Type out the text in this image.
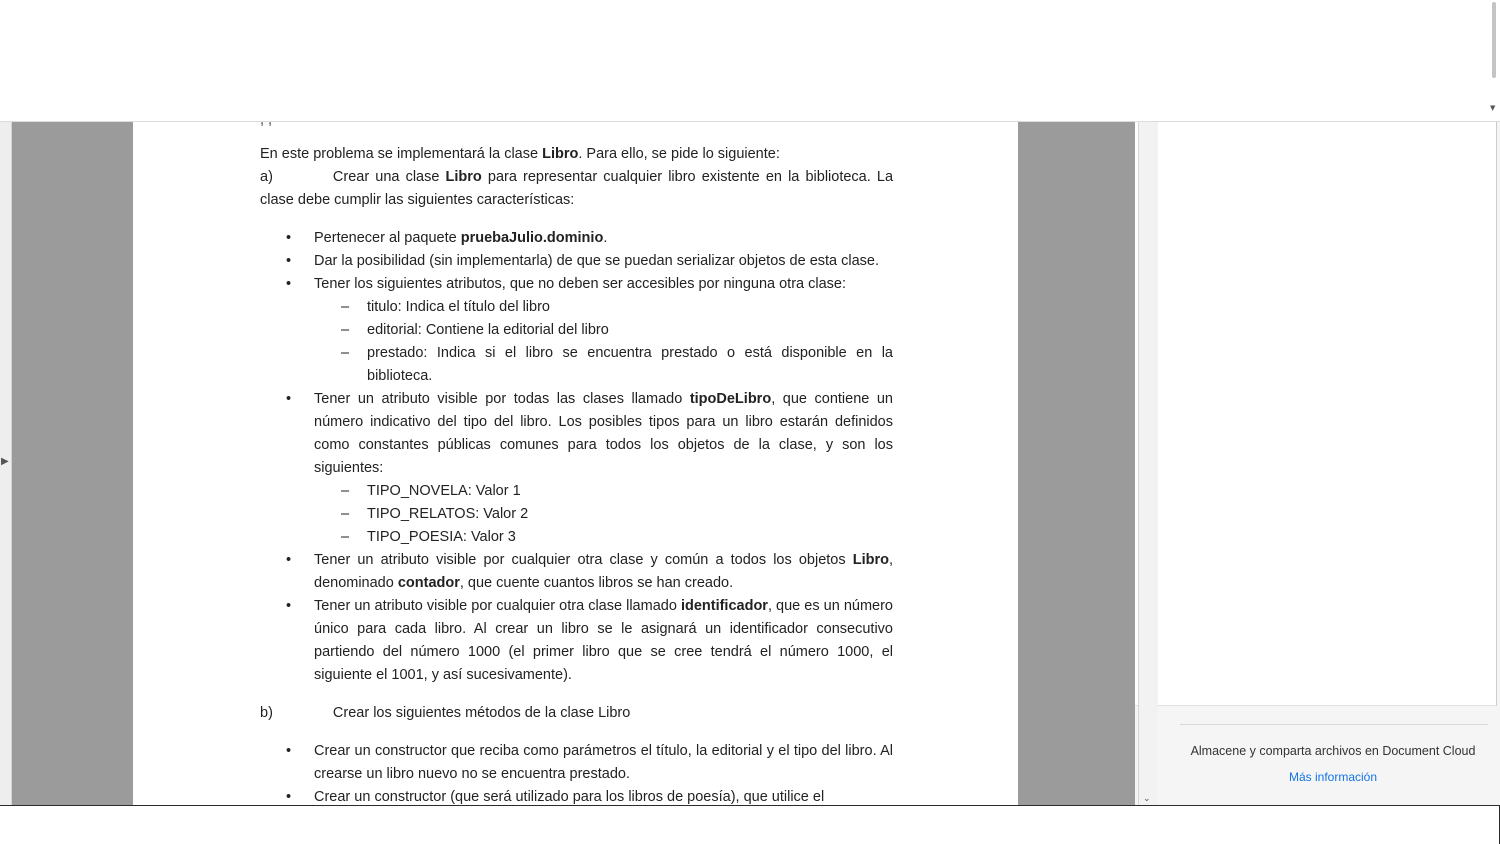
▼
▶
, ,

En este problema se implementará la clase Libro. Para ello, se pide lo siguiente:

a)	Crear una clase Libro para representar cualquier libro existente en la biblioteca. La clase debe cumplir las siguientes características:

• Pertenecer al paquete pruebaJulio.dominio.
• Dar la posibilidad (sin implementarla) de que se puedan serializar objetos de esta clase.
• Tener los siguientes atributos, que no deben ser accesibles por ninguna otra clase:
– titulo: Indica el título del libro
– editorial: Contiene la editorial del libro
– prestado: Indica si el libro se encuentra prestado o está disponible en la biblioteca.
• Tener un atributo visible por todas las clases llamado tipoDeLibro, que contiene un número indicativo del tipo del libro. Los posibles tipos para un libro estarán definidos como constantes públicas comunes para todos los objetos de la clase, y son los siguientes:
– TIPO_NOVELA: Valor 1
– TIPO_RELATOS: Valor 2
– TIPO_POESIA: Valor 3
• Tener un atributo visible por cualquier otra clase y común a todos los objetos Libro, denominado contador, que cuente cuantos libros se han creado.
• Tener un atributo visible por cualquier otra clase llamado identificador, que es un número único para cada libro. Al crear un libro se le asignará un identificador consecutivo partiendo del número 1000 (el primer libro que se cree tendrá el número 1000, el siguiente el 1001, y así sucesivamente).

b)	Crear los siguientes métodos de la clase Libro

• Crear un constructor que reciba como parámetros el título, la editorial y el tipo del libro. Al crearse un libro nuevo no se encuentra prestado.
• Crear un constructor (que será utilizado para los libros de poesía), que utilice el
Almacene y comparta archivos en Document Cloud
Más información
⌄
